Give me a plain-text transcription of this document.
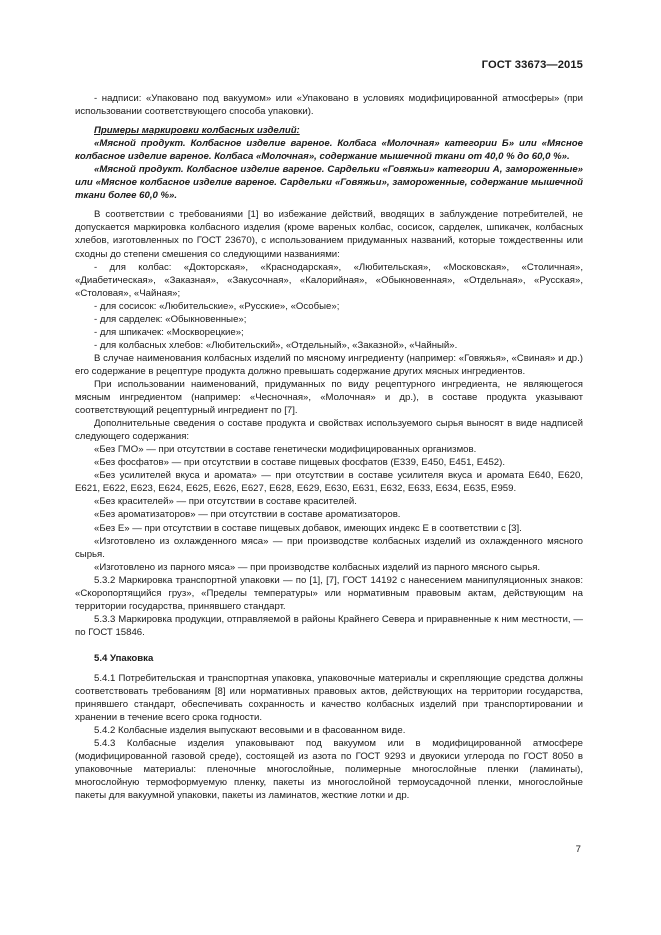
ГОСТ 33673—2015

- надписи: «Упаковано под вакуумом» или «Упаковано в условиях модифицированной атмосферы» (при использовании соответствующего способа упаковки).

Примеры маркировки колбасных изделий:

«Мясной продукт. Колбасное изделие вареное. Колбаса «Молочная» категории Б» или «Мясное колбасное изделие вареное. Колбаса «Молочная», содержание мышечной ткани от 40,0 % до 60,0 %».

«Мясной продукт. Колбасное изделие вареное. Сардельки «Говяжьи» категории А, замороженные» или «Мясное колбасное изделие вареное. Сардельки «Говяжьи», замороженные, содержание мышечной ткани более 60,0 %».

В соответствии с требованиями [1] во избежание действий, вводящих в заблуждение потребителей, не допускается маркировка колбасного изделия (кроме вареных колбас, сосисок, сарделек, шпикачек, колбасных хлебов, изготовленных по ГОСТ 23670), с использованием придуманных названий, которые тождественны или сходны до степени смешения со следующими названиями:

- для колбас: «Докторская», «Краснодарская», «Любительская», «Московская», «Столичная», «Диабетическая», «Заказная», «Закусочная», «Калорийная», «Обыкновенная», «Отдельная», «Русская», «Столовая», «Чайная»;

- для сосисок: «Любительские», «Русские», «Особые»;

- для сарделек: «Обыкновенные»;

- для шпикачек: «Москворецкие»;

- для колбасных хлебов: «Любительский», «Отдельный», «Заказной», «Чайный».

В случае наименования колбасных изделий по мясному ингредиенту (например: «Говяжья», «Свиная» и др.) его содержание в рецептуре продукта должно превышать содержание других мясных ингредиентов.

При использовании наименований, придуманных по виду рецептурного ингредиента, не являющегося мясным ингредиентом (например: «Чесночная», «Молочная» и др.), в составе продукта указывают соответствующий рецептурный ингредиент по [7].

Дополнительные сведения о составе продукта и свойствах используемого сырья выносят в виде надписей следующего содержания:

«Без ГМО» — при отсутствии в составе генетически модифицированных организмов.

«Без фосфатов» — при отсутствии в составе пищевых фосфатов (Е339, Е450, Е451, Е452).

«Без усилителей вкуса и аромата» — при отсутствии в составе усилителя вкуса и аромата Е640, Е620, Е621, Е622, Е623, Е624, Е625, Е626, Е627, Е628, Е629, Е630, Е631, Е632, Е633, Е634, Е635, Е959.

«Без красителей» — при отсутствии в составе красителей.

«Без ароматизаторов» — при отсутствии в составе ароматизаторов.

«Без Е» — при отсутствии в составе пищевых добавок, имеющих индекс Е в соответствии с [3].

«Изготовлено из охлажденного мяса» — при производстве колбасных изделий из охлажденного мясного сырья.

«Изготовлено из парного мяса» — при производстве колбасных изделий из парного мясного сырья.

5.3.2 Маркировка транспортной упаковки — по [1], [7], ГОСТ 14192 с нанесением манипуляционных знаков: «Скоропортящийся груз», «Пределы температуры» или нормативным правовым актам, действующим на территории государства, принявшего стандарт.

5.3.3 Маркировка продукции, отправляемой в районы Крайнего Севера и приравненные к ним местности, — по ГОСТ 15846.

5.4 Упаковка

5.4.1 Потребительская и транспортная упаковка, упаковочные материалы и скрепляющие средства должны соответствовать требованиям [8] или нормативных правовых актов, действующих на территории государства, принявшего стандарт, обеспечивать сохранность и качество колбасных изделий при транспортировании и хранении в течение всего срока годности.

5.4.2 Колбасные изделия выпускают весовыми и в фасованном виде.

5.4.3 Колбасные изделия упаковывают под вакуумом или в модифицированной атмосфере (модифицированной газовой среде), состоящей из азота по ГОСТ 9293 и двуокиси углерода по ГОСТ 8050 в упаковочные материалы: пленочные многослойные, полимерные многослойные пленки (ламинаты), многослойную термоформуемую пленку, пакеты из многослойной термоусадочной пленки, многослойные пакеты для вакуумной упаковки, пакеты из ламинатов, жесткие лотки и др.

7
